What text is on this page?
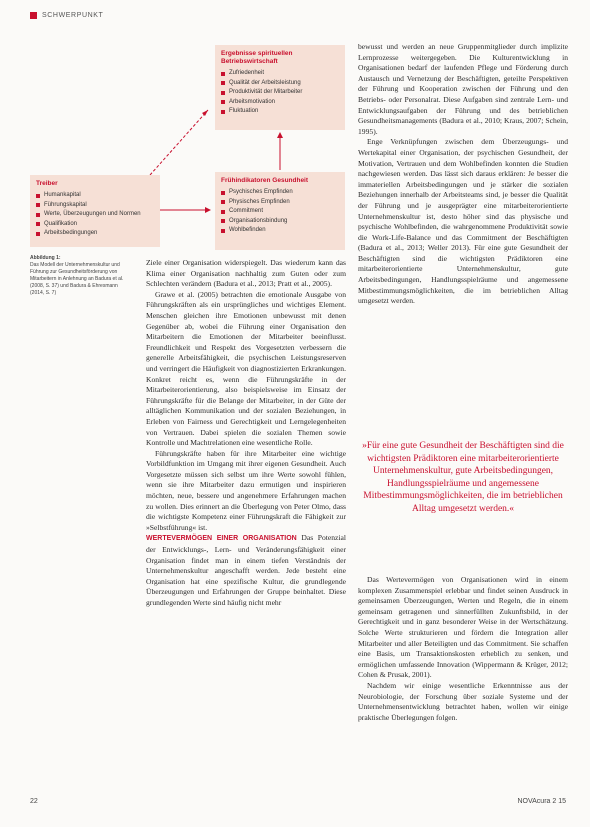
SCHWERPUNKT
Ergebnisse spirituellen Betriebswirtschaft
Zufriedenheit
Qualität der Arbeitsleistung
Produktivität der Mitarbeiter
Arbeitsmotivation
Fluktuation
Treiber
Humankapital
Führungskapital
Werte, Überzeugungen und Normen
Qualifikation
Arbeitsbedingungen
Frühindikatoren Gesundheit
Psychisches Empfinden
Physisches Empfinden
Commitment
Organisationsbindung
Wohlbefinden
Abbildung 1:
Das Modell der Unternehmenskultur und Führung zur Gesundheitsförderung von Mitarbeitern in Anlehnung an Badura et al. (2008, S. 37) und Badura & Ehresmann (2014, S. 7)

Ziele einer Organisation widerspiegelt. Das wiederum kann das Klima einer Organisation nachhaltig zum Guten oder zum Schlechten verändern (Badura et al., 2013; Pratt et al., 2005).

Grawe et al. (2005) betrachten die emotionale Ausgabe von Führungskräften als ein ursprüngliches und wichtiges Element. Menschen gleichen ihre Emotionen unbewusst mit denen Gegenüber ab, wobei die Führung einer Organisation den Mitarbeitern die Emotionen der Mitarbeiter beeinflusst. Freundlichkeit und Respekt des Vorgesetzten verbessern die generelle Arbeitsfähigkeit, die psychischen Leistungsreserven und verringert die Häufigkeit von diagnostizierten Erkrankungen. Konkret reicht es, wenn die Führungskräfte in der Mitarbeiterorientierung, also beispielsweise im Einsatz der Führungskräfte für die Belange der Mitarbeiter, in der Güte der alltäglichen Kommunikation und der sozialen Beziehungen, in Erleben von Fairness und Gerechtigkeit und Lerngelegenheiten von Vertrauen. Dabei spielen die sozialen Themen sowie Kontrolle und Machtrelationen eine wesentliche Rolle.

Führungskräfte haben für ihre Mitarbeiter eine wichtige Vorbildfunktion im Umgang mit ihrer eigenen Gesundheit. Auch Vorgesetzte müssen sich selbst um ihre Werte sowohl fühlen, wenn sie ihre Mitarbeiter dazu ermutigen und inspirieren möchten, neue, bessere und angenehmere Erfahrungen machen zu wollen. Dies erinnert an die Überlegung von Peter Olmo, dass die wichtigste Kompetenz einer Führungskraft die Fähigkeit zur »Selbstführung« ist.

WERTEVERMÖGEN EINER ORGANISATION Das Potenzial der Entwicklungs-, Lern- und Veränderungsfähigkeit einer Organisation findet man in einem tiefen Verständnis der Unternehmenskultur angeschafft werden. Jede besteht eine Organisation hat eine spezifische Kultur, die grundlegende Überzeugungen und Erfahrungen der Gruppe beinhaltet. Diese grundlegenden Werte sind häufig nicht mehr

bewusst und werden an neue Gruppenmitglieder durch implizite Lernprozesse weitergegeben. Die Kulturentwicklung in Organisationen bedarf der laufenden Pflege und Förderung durch Austausch und Vernetzung der Beschäftigten, geteilte Perspektiven der Führung und Kooperation zwischen der Führung und den Betriebs- oder Personalrat. Diese Aufgaben sind zentrale Lern- und Entwicklungsaufgaben der Führung und des betrieblichen Gesundheitsmanagements (Badura et al., 2010; Kraus, 2007; Schein, 1995).

Enge Verknüpfungen zwischen dem Überzeugungs- und Wertekapital einer Organisation, der psychischen Gesundheit, der Motivation, Vertrauen und dem Wohlbefinden konnten die Studien nachgewiesen werden. Das lässt sich daraus erklären: Je besser die immateriellen Arbeitsbedingungen und je stärker die sozialen Beziehungen innerhalb der Arbeitsteams sind, je besser die Qualität der Führung und je ausgeprägter eine mitarbeiterorientierte Unternehmenskultur ist, desto höher sind das physische und psychische Wohlbefinden, die wahrgenommene Produktivität sowie die Work-Life-Balance und das Commitment der Beschäftigten (Badura et al., 2013; Weller 2013). Für eine gute Gesundheit der Beschäftigten sind die wichtigsten Prädiktoren eine mitarbeiterorientierte Unternehmenskultur, gute Arbeitsbedingungen, Handlungsspielräume und angemessene Mitbestimmungsmöglichkeiten, die im betrieblichen Alltag umgesetzt werden.

»Für eine gute Gesundheit der Beschäftigten sind die wichtigsten Prädiktoren eine mitarbeiterorientierte Unternehmenskultur, gute Arbeitsbedingungen, Handlungsspielräume und angemessene Mitbestimmungsmöglichkeiten, die im betrieblichen Alltag umgesetzt werden.«

Das Wertevermögen von Organisationen wird in einem komplexen Zusammenspiel erlebbar und findet seinen Ausdruck in gemeinsamen Überzeugungen, Werten und Regeln, die in einem gemeinsam getragenen und sinnerfüllten Zukunftsbild, in der Gerechtigkeit und in ganz besonderer Weise in der Wertschätzung. Solche Werte strukturieren und fördern die Integration aller Mitarbeiter und aller Beteiligten und das Commitment. Sie schaffen eine Basis, um Transaktionskosten erheblich zu senken, und ermöglichen umfassende Innovation (Wippermann & Krüger, 2012; Cohen & Prusak, 2001).

Nachdem wir einige wesentliche Erkenntnisse aus der Neurobiologie, der Forschung über soziale Systeme und der Unternehmensentwicklung betrachtet haben, wollen wir einige praktische Überlegungen folgen.

22	NOVAcura 2 15
